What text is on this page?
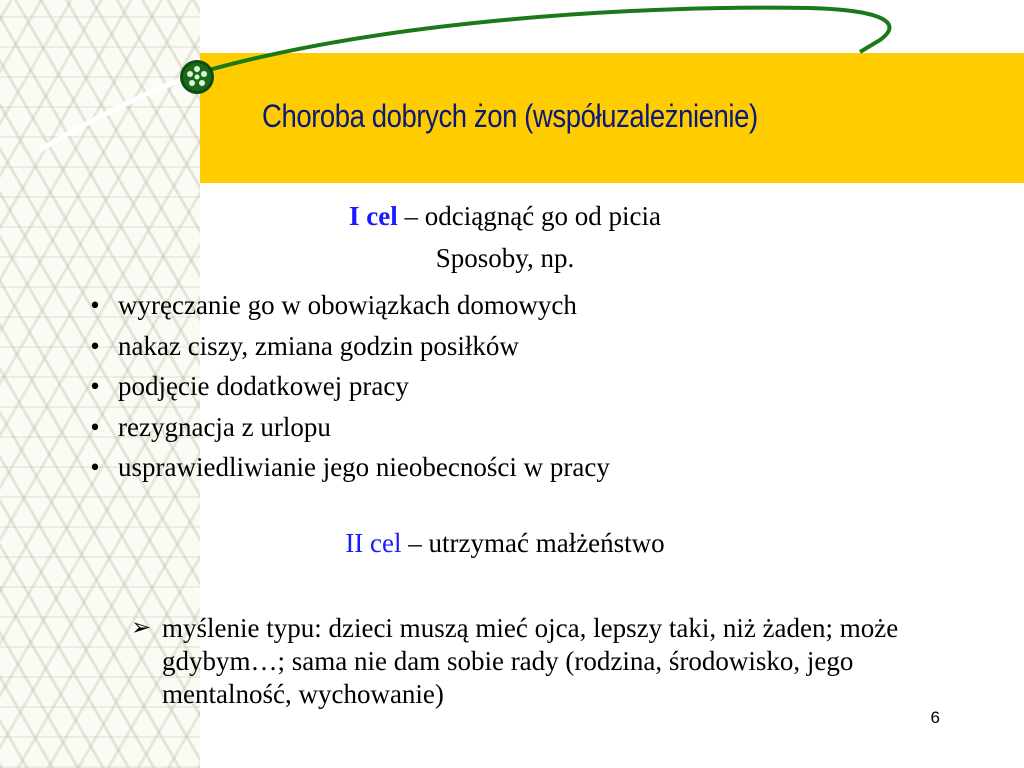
Choroba dobrych żon (współuzależnienie)
I cel – odciągnąć go od picia
Sposoby, np.
• wyręczanie go w obowiązkach domowych
• nakaz ciszy, zmiana godzin posiłków
• podjęcie dodatkowej pracy
• rezygnacja z urlopu
• usprawiedliwianie jego nieobecności w pracy
II cel – utrzymać małżeństwo
➢ myślenie typu: dzieci muszą mieć ojca, lepszy taki, niż żaden; może gdybym…; sama nie dam sobie rady (rodzina, środowisko, jego mentalność, wychowanie)
6
